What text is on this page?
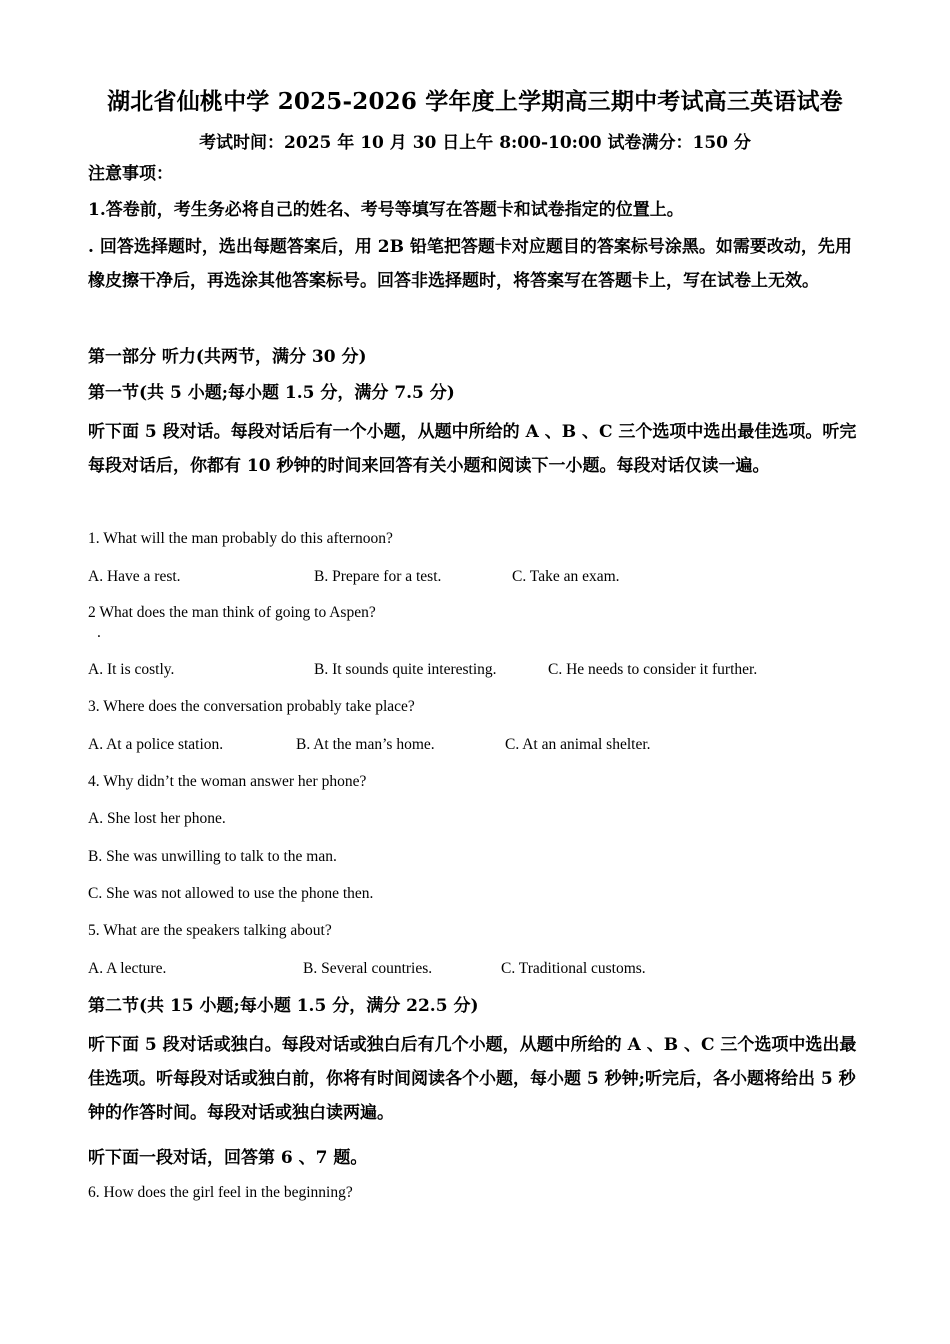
湖北省仙桃中学 2025-2026 学年度上学期高三期中考试高三英语试卷
考试时间：2025 年 10 月 30 日上午 8:00-10:00 试卷满分：150 分
注意事项：
1.答卷前，考生务必将自己的姓名、考号等填写在答题卡和试卷指定的位置上。
. 回答选择题时，选出每题答案后，用 2B 铅笔把答题卡对应题目的答案标号涂黑。如需要改动，先用橡皮擦干净后，再选涂其他答案标号。回答非选择题时，将答案写在答题卡上，写在试卷上无效。
第一部分 听力(共两节，满分 30 分)
第一节(共 5 小题;每小题 1.5 分，满分 7.5 分)
听下面 5 段对话。每段对话后有一个小题，从题中所给的 A 、B 、C 三个选项中选出最佳选项。听完每段对话后，你都有 10 秒钟的时间来回答有关小题和阅读下一小题。每段对话仅读一遍。
1. What will the man probably do this afternoon?
A. Have a rest.	B. Prepare for a test.	C. Take an exam.
2 What does the man think of going to Aspen?
.
A. It is costly.	B. It sounds quite interesting.	C. He needs to consider it further.
3. Where does the conversation probably take place?
A. At a police station.	B. At the man’s home.	C. At an animal shelter.
4. Why didn’t the woman answer her phone?
A. She lost her phone.
B. She was unwilling to talk to the man.
C. She was not allowed to use the phone then.
5. What are the speakers talking about?
A. A lecture.	B. Several countries.	C. Traditional customs.
第二节(共 15 小题;每小题 1.5 分，满分 22.5 分)
听下面 5 段对话或独白。每段对话或独白后有几个小题，从题中所给的 A 、B 、C 三个选项中选出最佳选项。听每段对话或独白前，你将有时间阅读各个小题，每小题 5 秒钟;听完后，各小题将给出 5 秒钟的作答时间。每段对话或独白读两遍。
听下面一段对话，回答第 6 、7 题。
6. How does the girl feel in the beginning?
